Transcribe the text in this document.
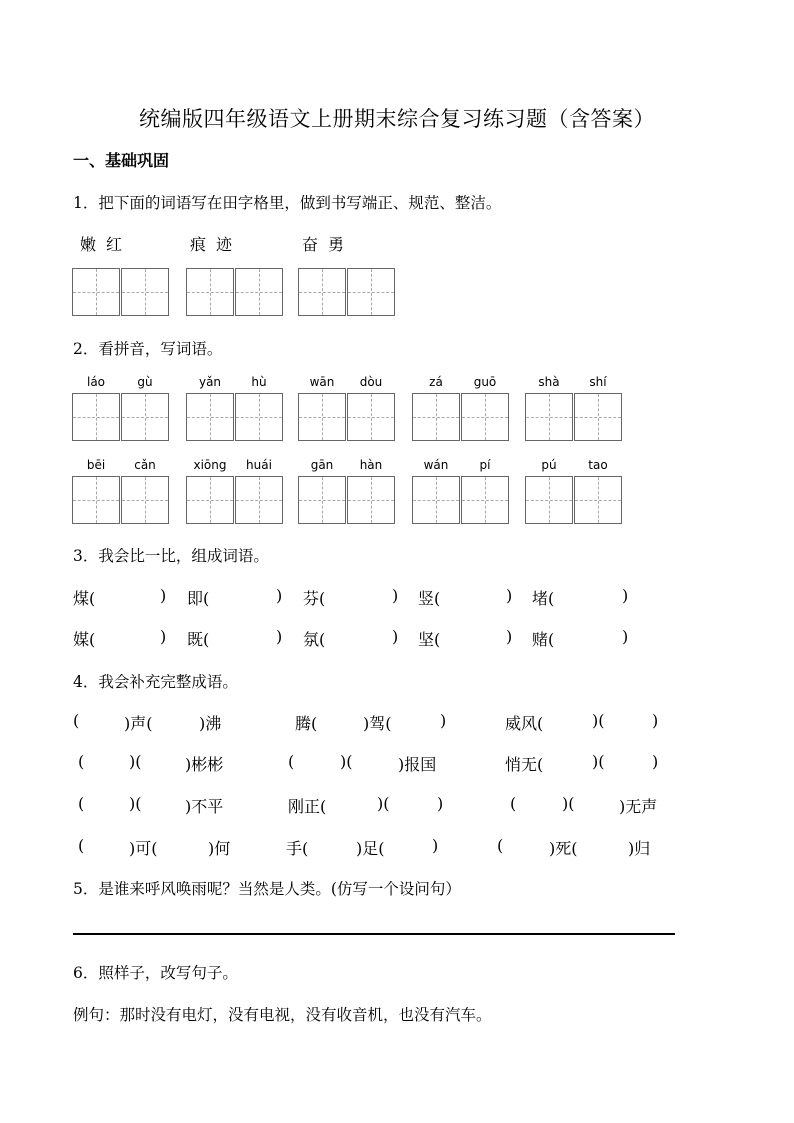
统编版四年级语文上册期末综合复习练习题（含答案）
一、基础巩固
1．把下面的词语写在田字格里，做到书写端正、规范、整洁。
嫩红	痕迹	奋勇
2．看拼音，写词语。
láo	gù	yǎn	hù	wān	dòu	zá	guō	shà	shí
bēi	cǎn	xiōng	huái	gān	hàn	wán	pí	pú	tao
3．我会比一比，组成词语。
煤(	) 即(	) 芬(	) 竖(	) 堵(	)
媒(	) 既(	) 氛(	) 坚(	) 赌(	)
4．我会补充完整成语。
(	)声(	)沸	腾(	)驾(	)	威风(	)(	)
(	)(	)彬彬	(	)(	)报国	悄无(	)(	)
(	)(	)不平	刚正(	)(	)	(	)(	)无声
(	)可(	)何	手(	)足(	)	(	)死(	)归
5．是谁来呼风唤雨呢？当然是人类。(仿写一个设问句）
6．照样子，改写句子。
例句：那时没有电灯，没有电视，没有收音机，也没有汽车。
